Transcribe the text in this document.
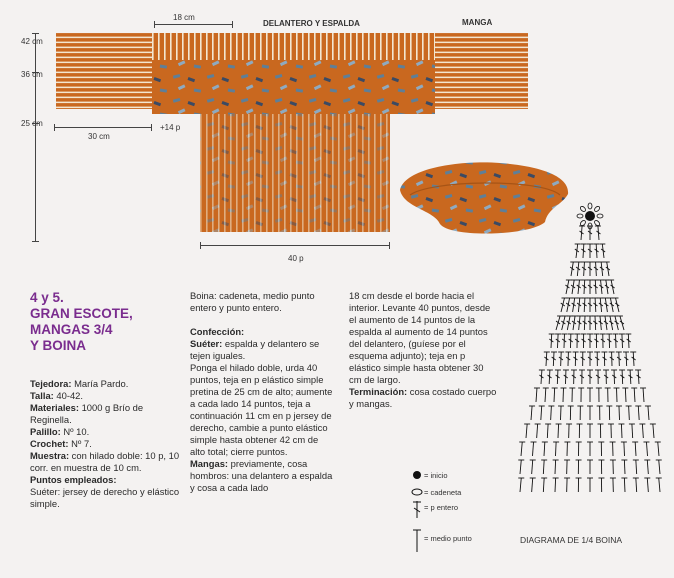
18 cm
DELANTERO Y ESPALDA	MANGA
42 cm
36 cm
25 cm
30 cm
+14 p
40 p
4 y 5.
GRAN ESCOTE,
MANGAS 3/4
Y BOINA

Tejedora: María Pardo.

Talla: 40-42.

Materiales: 1000 g Brío de Reginella.

Palillo: Nº 10.

Crochet: Nº 7.

Muestra: con hilado doble: 10 p, 10 corr. en muestra de 10 cm.

Puntos empleados:

Suéter: jersey de derecho y elástico simple.

Boina: cadeneta, medio punto entero y punto entero.

Confección:

Suéter: espalda y delantero se tejen iguales.

Ponga el hilado doble, urda 40 puntos, teja en p elástico simple pretina de 25 cm de alto; aumente a cada lado 14 puntos, teja a continuación 11 cm en p jersey de derecho, cambie a punto elástico simple hasta obtener 42 cm de alto total; cierre puntos.

Mangas: previamente, cosa hombros: una delantero a espalda y cosa a cada lado

18 cm desde el borde hacia el interior. Levante 40 puntos, desde el aumento de 14 puntos de la espalda al aumento de 14 puntos del delantero, (guíese por el esquema adjunto); teja en p elástico simple hasta obtener 30 cm de largo.

Terminación: cosa costado cuerpo y mangas.

= inicio
= cadeneta
= p entero
= medio punto	DIAGRAMA DE 1/4 BOINA
